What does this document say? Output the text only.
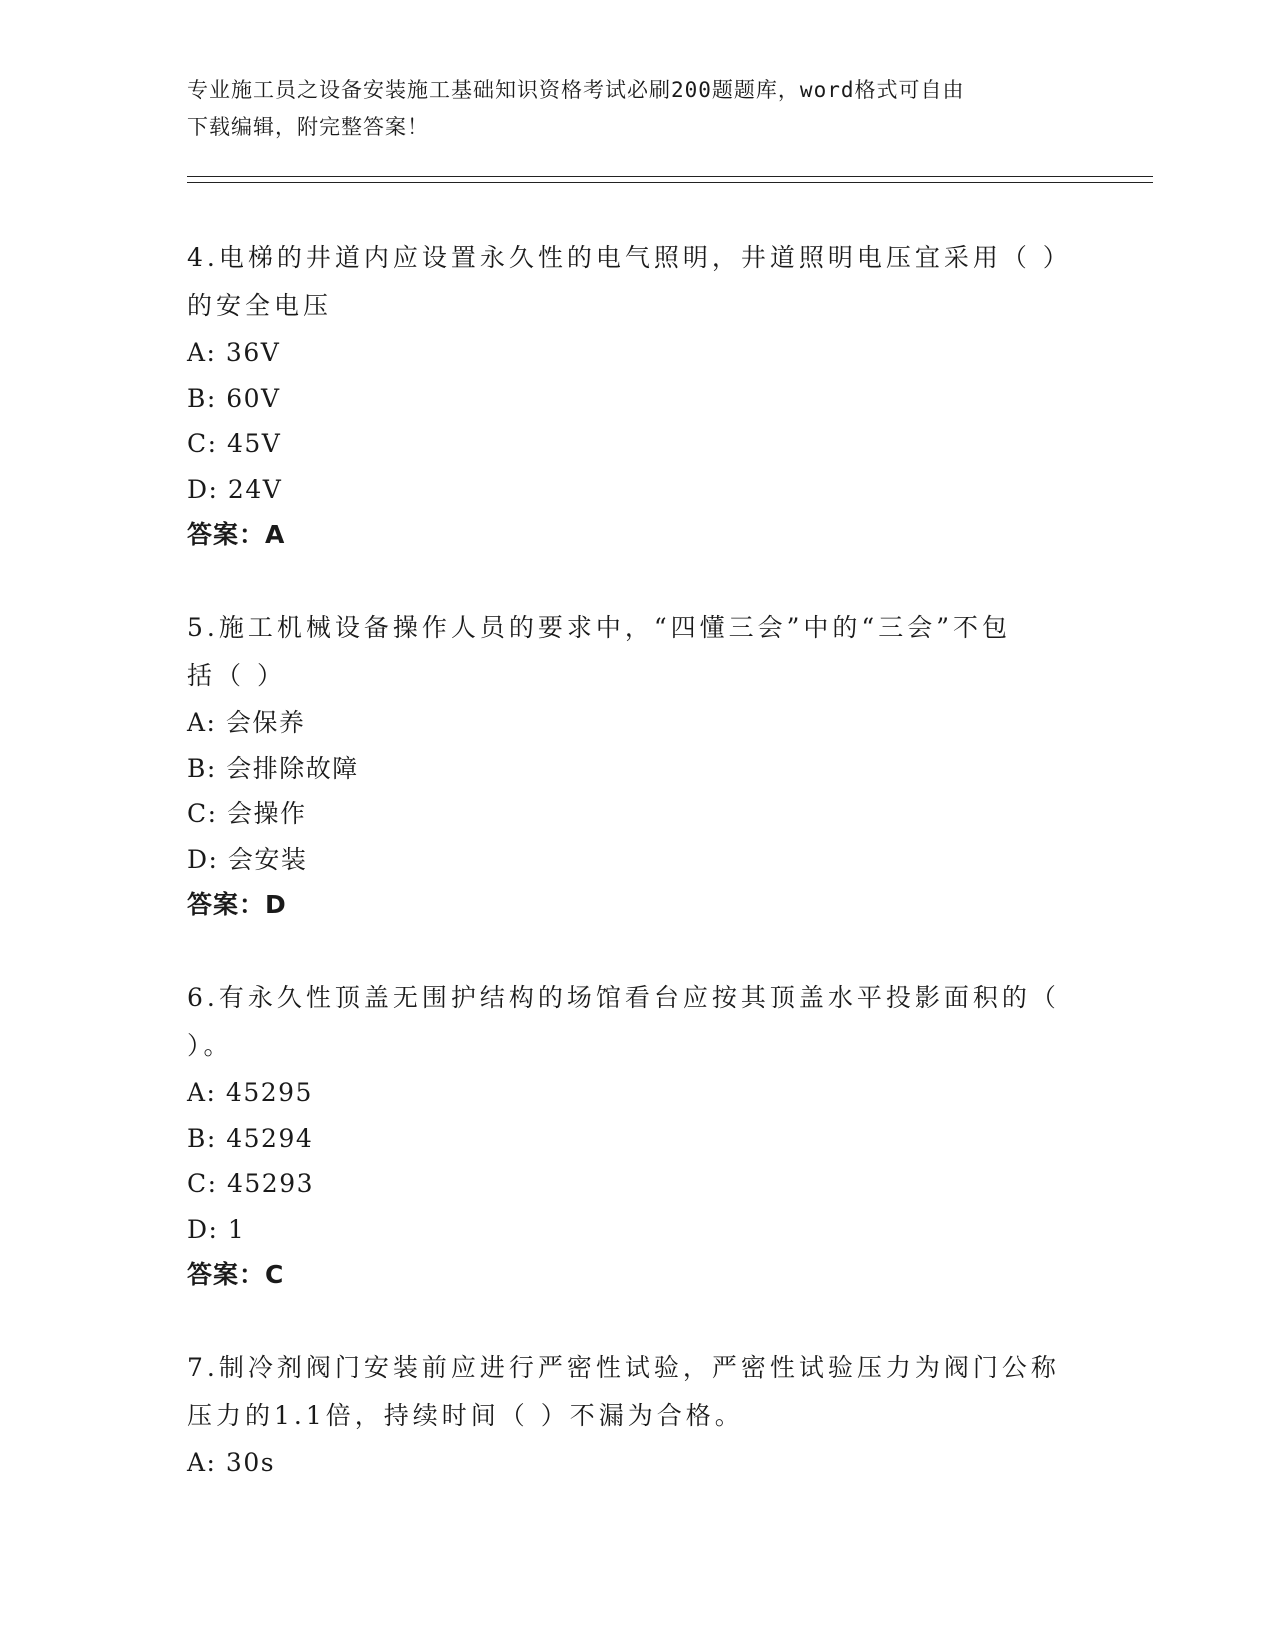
专业施工员之设备安装施工基础知识资格考试必刷200题题库，word格式可自由
下载编辑，附完整答案！

4.电梯的井道内应设置永久性的电气照明，井道照明电压宜采用（ ）

的安全电压

A: 36V

B: 60V

C: 45V

D: 24V

答案：A

5.施工机械设备操作人员的要求中，“四懂三会”中的“三会”不包

括（ ）

A: 会保养

B: 会排除故障

C: 会操作

D: 会安装

答案：D

6.有永久性顶盖无围护结构的场馆看台应按其顶盖水平投影面积的（

）。

A: 45295

B: 45294

C: 45293

D: 1

答案：C

7.制冷剂阀门安装前应进行严密性试验，严密性试验压力为阀门公称

压力的1.1倍，持续时间（ ）不漏为合格。

A: 30s
